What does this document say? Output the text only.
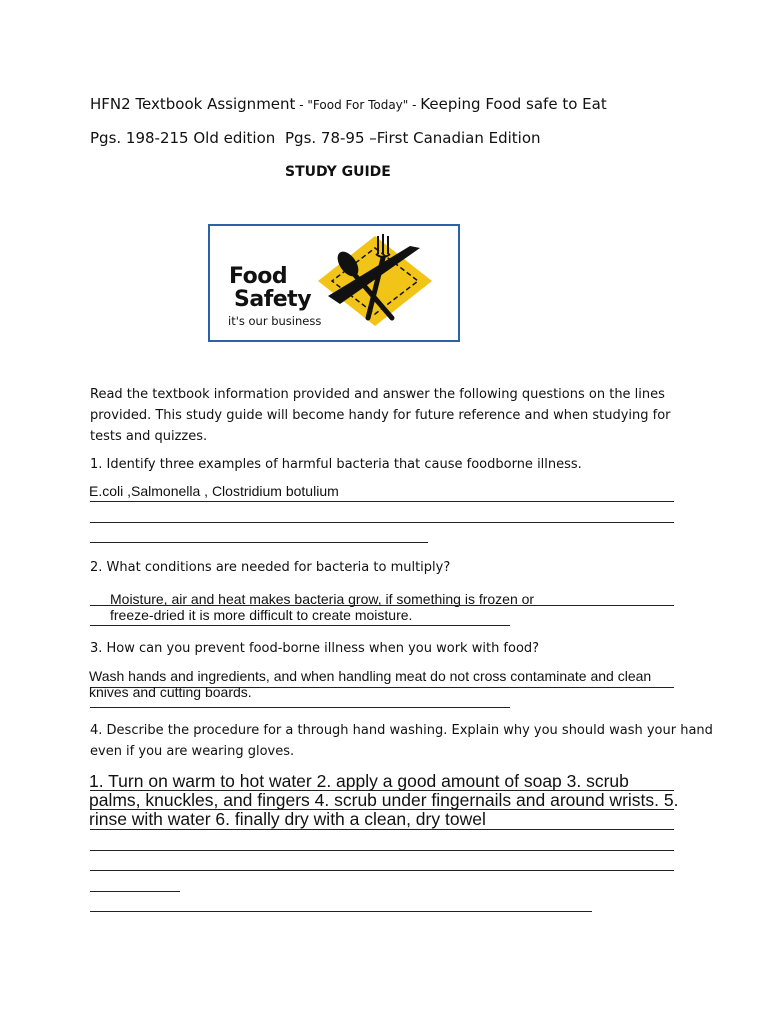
HFN2 Textbook Assignment - "Food For Today" - Keeping Food safe to Eat
Pgs. 198-215 Old edition Pgs. 78-95 –First Canadian Edition
STUDY GUIDE
Food
Safety
it's our business
Read the textbook information provided and answer the following questions on the lines provided. This study guide will become handy for future reference and when studying for tests and quizzes.
1. Identify three examples of harmful bacteria that cause foodborne illness.
E.coli ,Salmonella , Clostridium botulium
2. What conditions are needed for bacteria to multiply?
Moisture, air and heat makes bacteria grow, if something is frozen or
freeze-dried it is more difficult to create moisture.
3. How can you prevent food-borne illness when you work with food?
Wash hands and ingredients, and when handling meat do not cross contaminate and clean
knives and cutting boards.
4. Describe the procedure for a through hand washing. Explain why you should wash your hand
even if you are wearing gloves.
1. Turn on warm to hot water 2. apply a good amount of soap 3. scrub
palms, knuckles, and fingers 4. scrub under fingernails and around wrists. 5.
rinse with water 6. finally dry with a clean, dry towel
